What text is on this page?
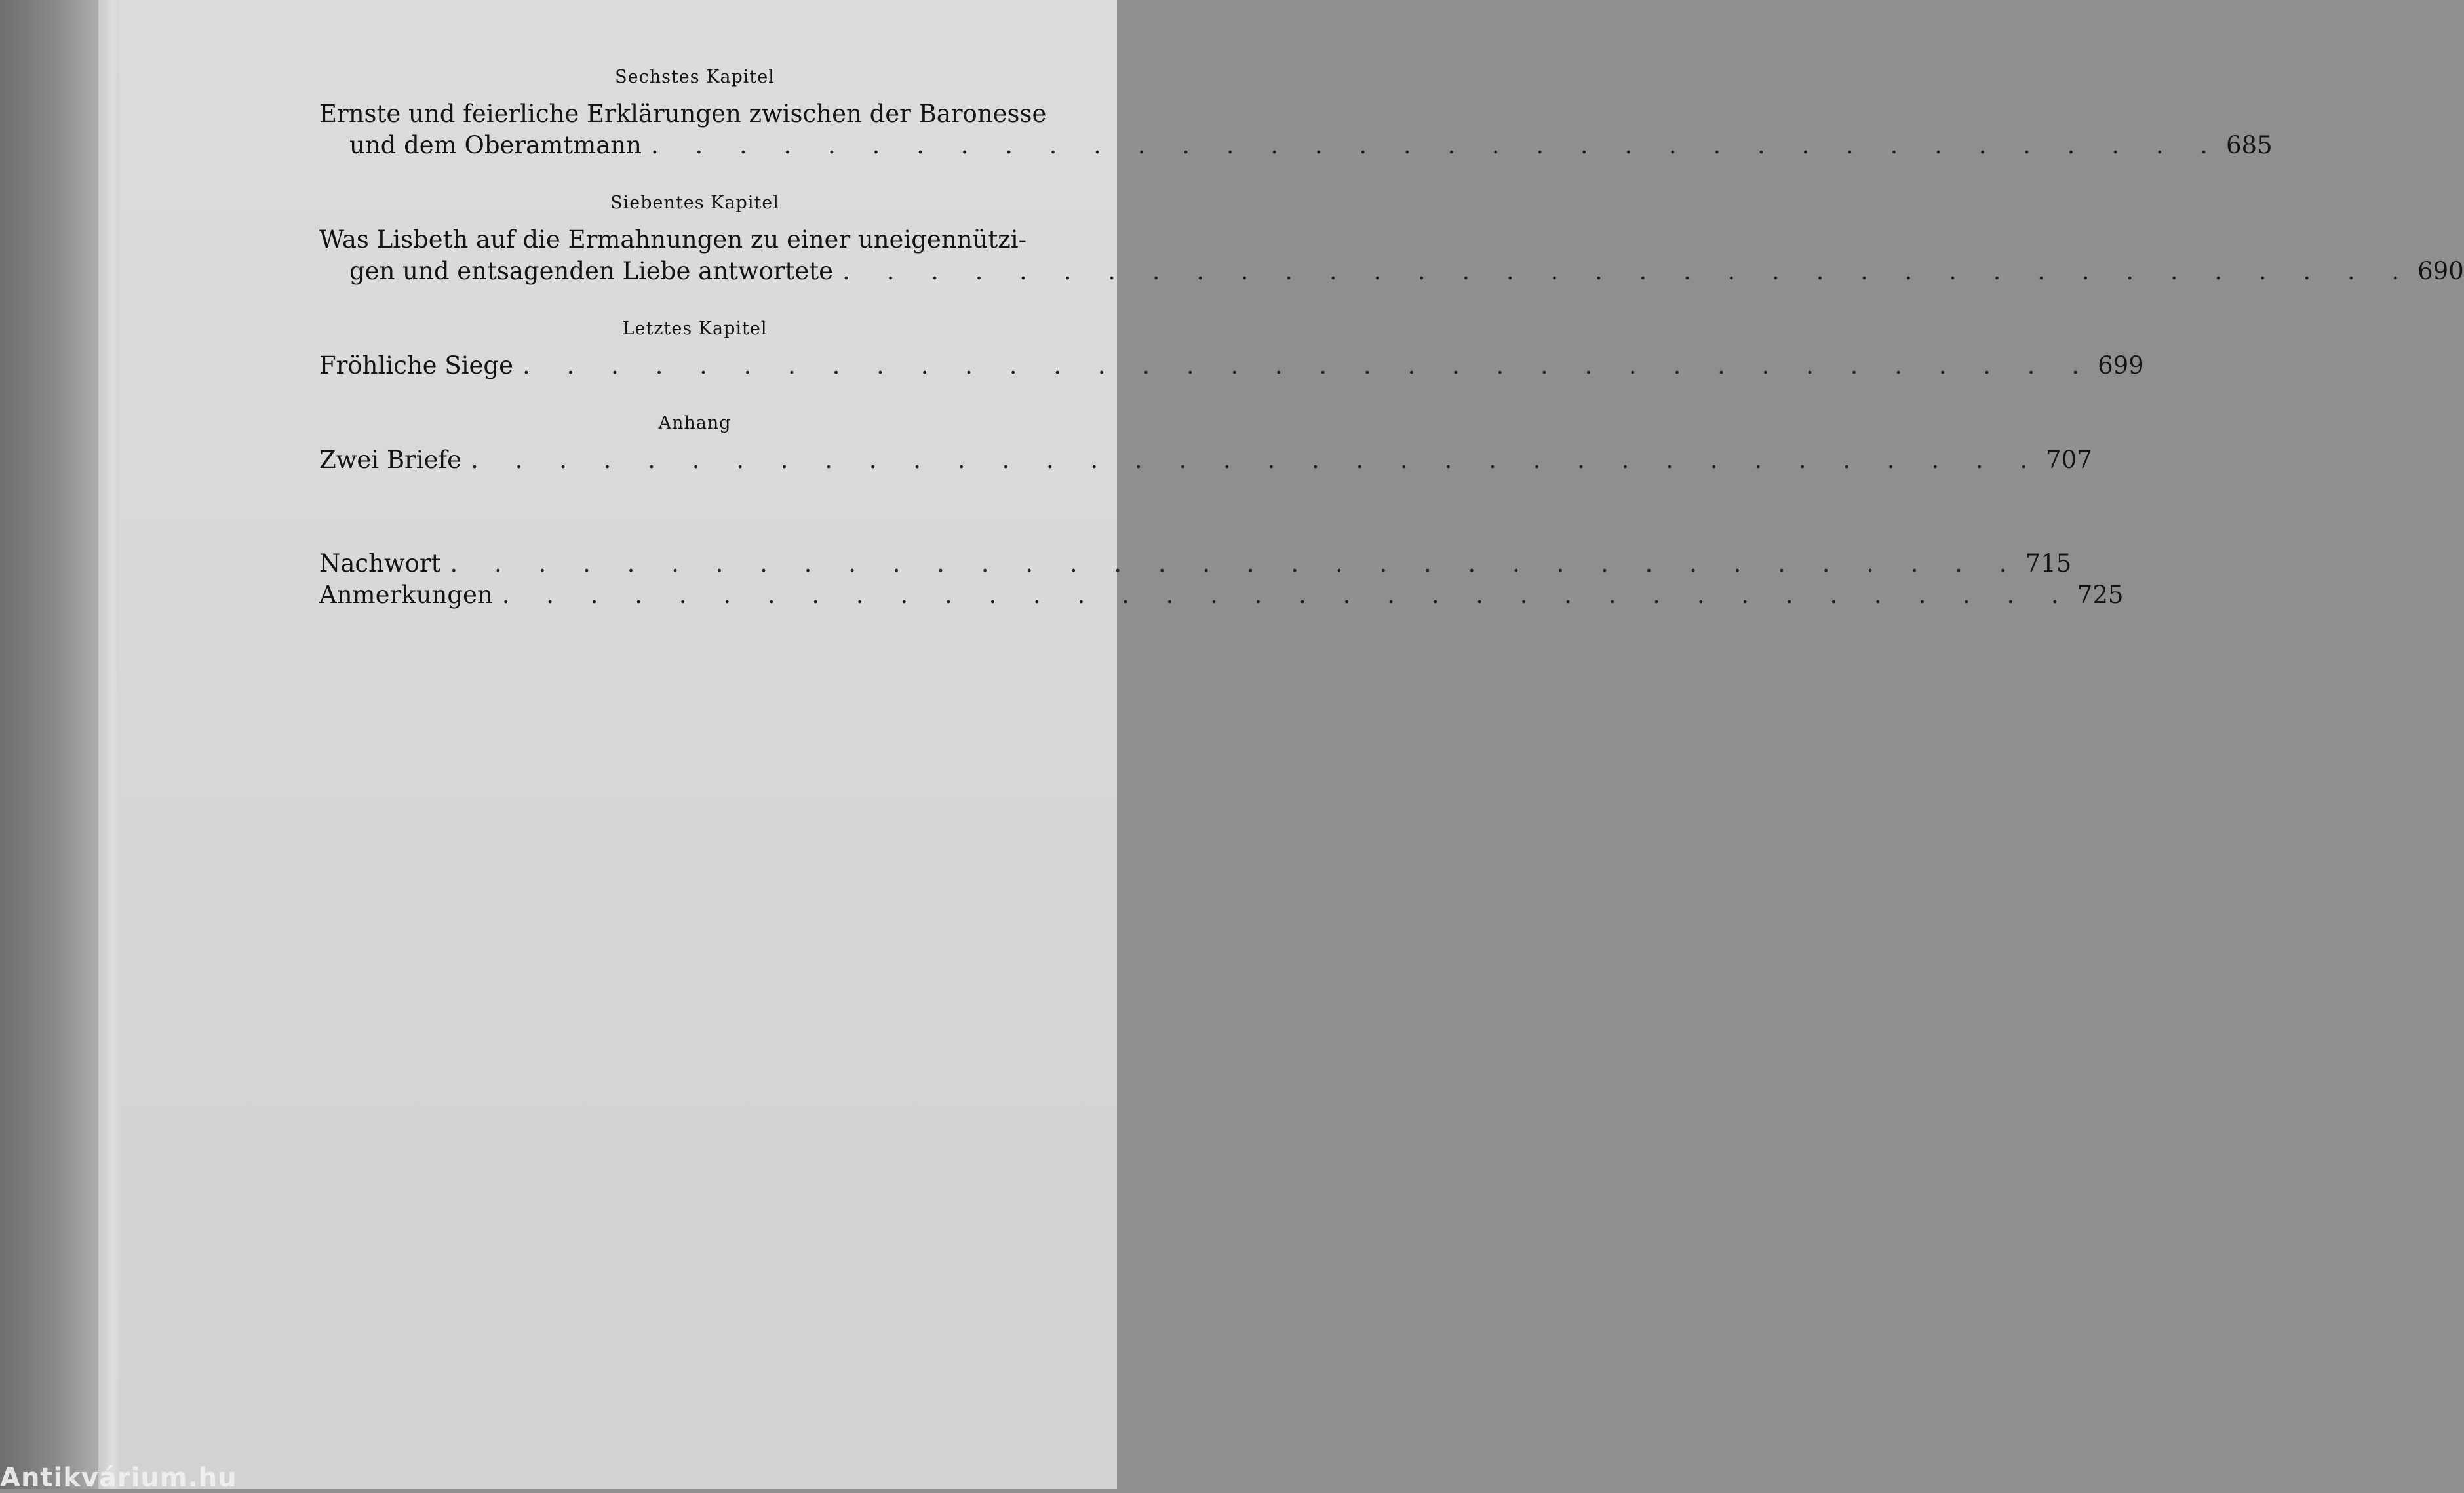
Sechstes Kapitel
Ernste und feierliche Erklärungen zwischen der Baronesse
und dem Oberamtmann . . . . . . . . . . . . . . . . . . . . . . . . . . . . . . . . . . . . 685
Siebentes Kapitel
Was Lisbeth auf die Ermahnungen zu einer uneigennützi-
gen und entsagenden Liebe antwortete . . . . . . . . . . . . . . . . . . . . . . . . . . . . . . . . . . . . 690
Letztes Kapitel
Fröhliche Siege . . . . . . . . . . . . . . . . . . . . . . . . . . . . . . . . . . . . 699
Anhang
Zwei Briefe . . . . . . . . . . . . . . . . . . . . . . . . . . . . . . . . . . . . 707
Nachwort . . . . . . . . . . . . . . . . . . . . . . . . . . . . . . . . . . . . 715
Anmerkungen . . . . . . . . . . . . . . . . . . . . . . . . . . . . . . . . . . . . 725
Antikvárium.hu
